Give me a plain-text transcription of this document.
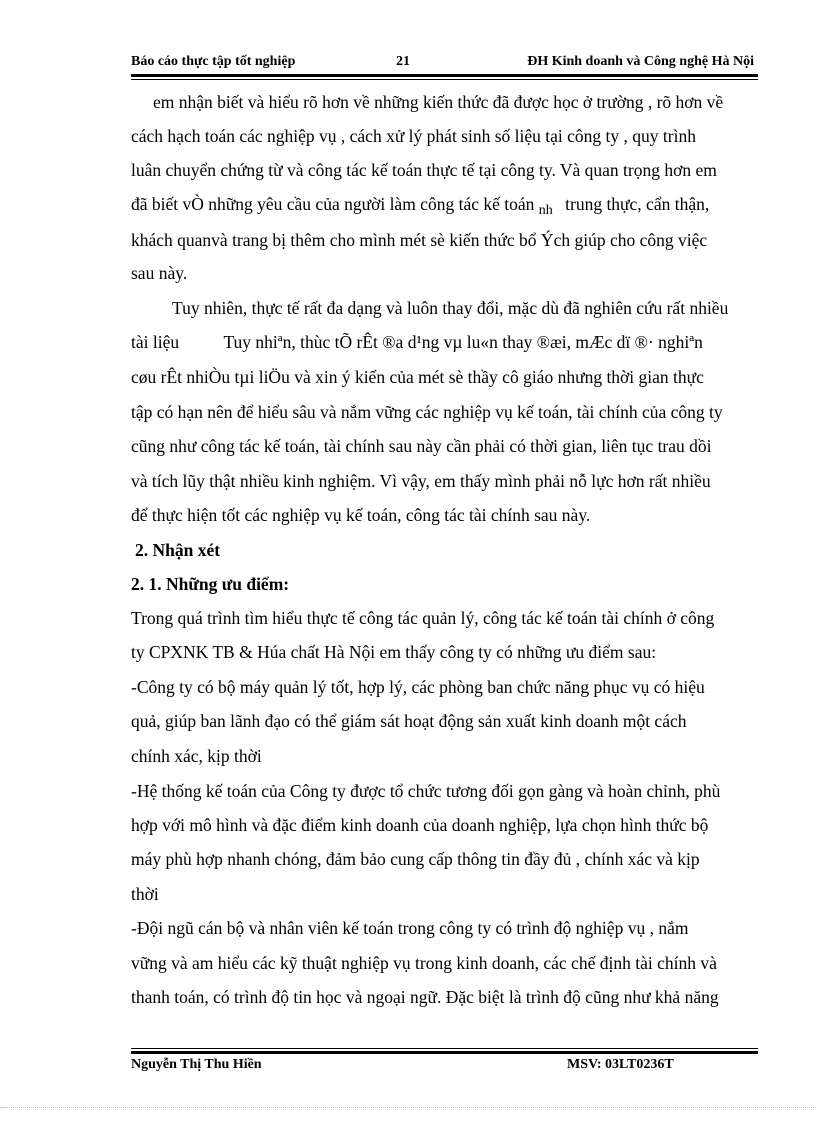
Báo cáo thực tập tốt nghiệp	21	ĐH Kinh doanh và Công nghệ Hà Nội
em nhận biết và hiểu rõ hơn về những kiến thức đã được học ở trường , rõ hơn về
cách hạch toán các nghiệp vụ , cách xử lý phát sinh số liệu tại công ty , quy trình
luân chuyển chứng từ và công tác kế toán thực tế tại công ty. Và quan trọng hơn em
đã biết vÒ những yêu cầu của người làm công tác kế toán $_{nh}$ trung thực, cẩn thận,
khách quanvà trang bị thêm cho mình mét sè kiến thức bổ Ých giúp cho công việc
sau này.
Tuy nhiên, thực tế rất đa dạng và luôn thay đổi, mặc dù đã nghiên cứu rất nhiều
tài liệu	Tuy nhiªn, thùc tÕ rÊt ®a d¹ng vµ lu«n thay ®æi, mÆc dï ®· nghiªn
cøu rÊt nhiÒu tµi liÖu và xin ý kiến của mét sè thầy cô giáo nhưng thời gian thực
tập có hạn nên để hiểu sâu và nắm vững các nghiệp vụ kế toán, tài chính của công ty
cũng như công tác kế toán, tài chính sau này cần phải có thời gian, liên tục trau dồi
và tích lũy thật nhiều kinh nghiệm. Vì vậy, em thấy mình phải nỗ lực hơn rất nhiều
để thực hiện tốt các nghiệp vụ kế toán, công tác tài chính sau này.
2. Nhận xét
2. 1. Những ưu điểm:
Trong quá trình tìm hiểu thực tế công tác quản lý, công tác kế toán tài chính ở công
ty CPXNK TB & Húa chất Hà Nội em thấy công ty có những ưu điểm sau:
-Công ty có bộ máy quản lý tốt, hợp lý, các phòng ban chức năng phục vụ có hiệu
quả, giúp ban lãnh đạo có thể giám sát hoạt động sản xuất kinh doanh một cách
chính xác, kịp thời
-Hệ thống kế toán của Công ty được tổ chức tương đối gọn gàng và hoàn chỉnh, phù
hợp với mô hình và đặc điểm kinh doanh của doanh nghiệp, lựa chọn hình thức bộ
máy phù hợp nhanh chóng, đảm bảo cung cấp thông tin đầy đủ , chính xác và kịp
thời
-Đội ngũ cán bộ và nhân viên kế toán trong công ty có trình độ nghiệp vụ , nắm
vững và am hiểu các kỹ thuật nghiệp vụ trong kinh doanh, các chế định tài chính và
thanh toán, có trình độ tin học và ngoại ngữ. Đặc biệt là trình độ cũng như khả năng
Nguyễn Thị Thu Hiền	MSV: 03LT0236T
